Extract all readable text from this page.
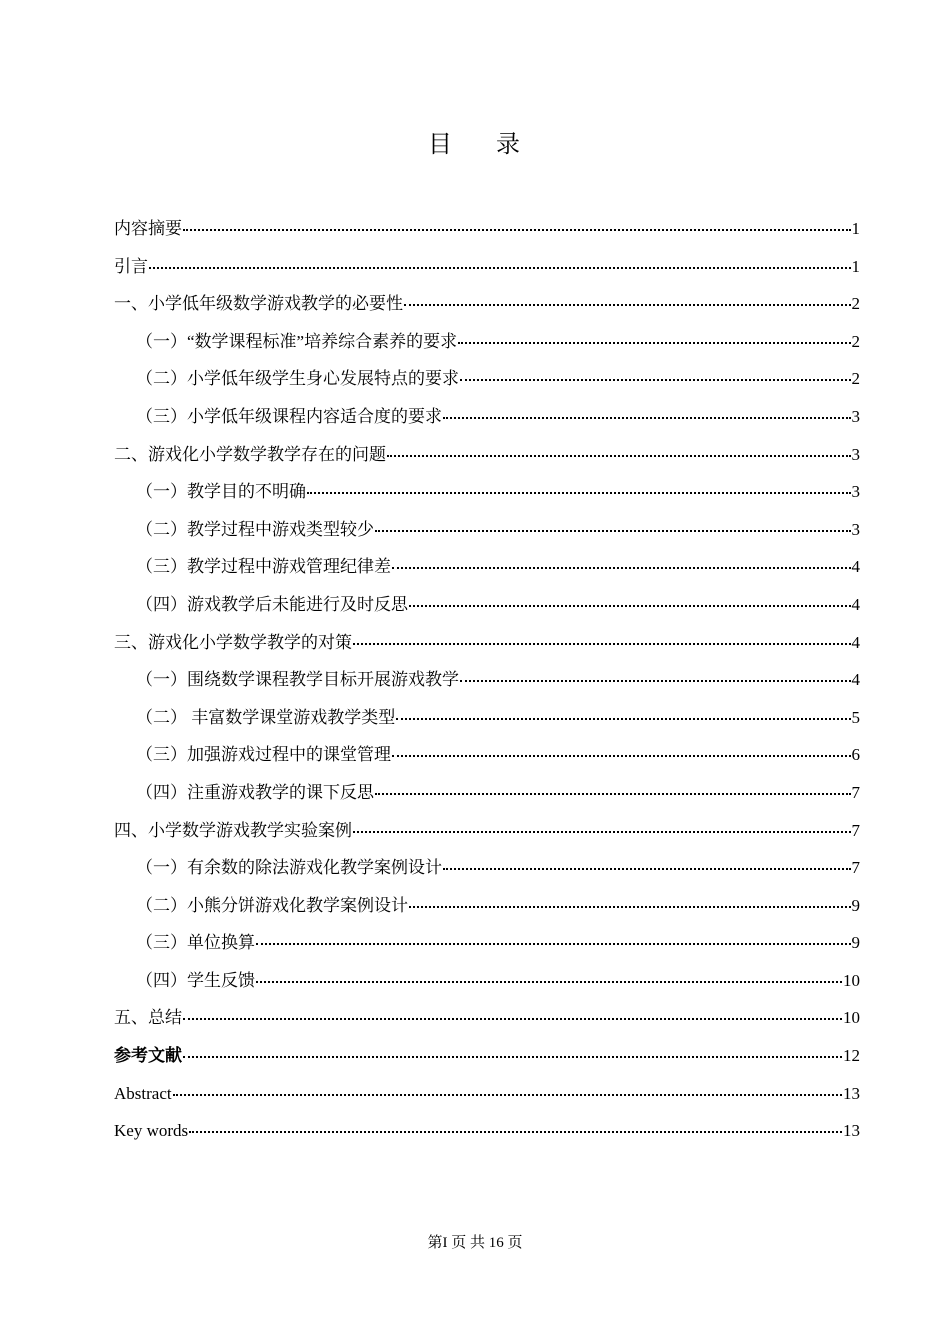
目 录
内容摘要	1
引言	1
一、小学低年级数学游戏教学的必要性	2
（一）“数学课程标准”培养综合素养的要求	2
（二）小学低年级学生身心发展特点的要求	2
（三）小学低年级课程内容适合度的要求	3
二、游戏化小学数学教学存在的问题	3
（一）教学目的不明确	3
（二）教学过程中游戏类型较少	3
（三）教学过程中游戏管理纪律差	4
（四）游戏教学后未能进行及时反思	4
三、游戏化小学数学教学的对策	4
（一）围绕数学课程教学目标开展游戏教学	4
（二） 丰富数学课堂游戏教学类型	5
（三）加强游戏过程中的课堂管理	6
（四）注重游戏教学的课下反思	7
四、小学数学游戏教学实验案例	7
（一）有余数的除法游戏化教学案例设计	7
（二）小熊分饼游戏化教学案例设计	9
（三）单位换算	9
（四）学生反馈	10
五、总结	10
参考文献	12
Abstract	13
Key words	13
第I 页 共 16 页
